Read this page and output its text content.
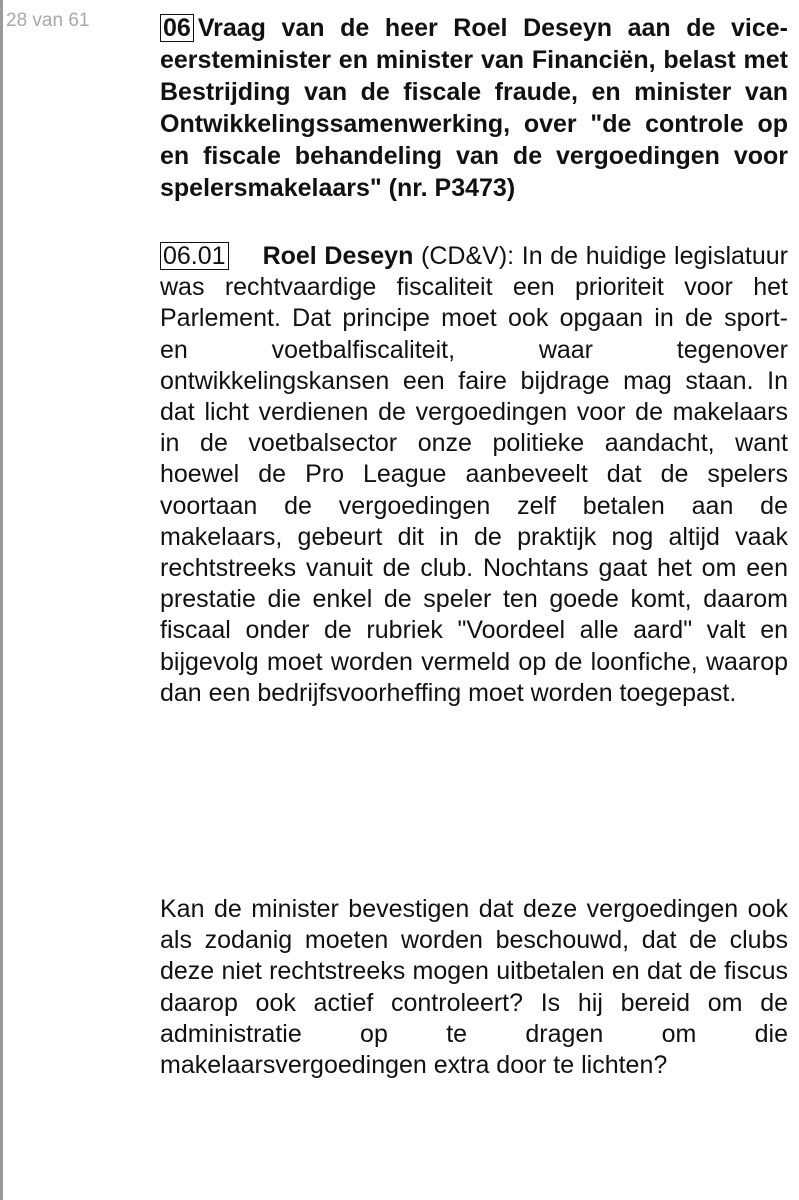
28 van 61	06 Vraag van de heer Roel Deseyn aan de vice-eersteminister en minister van Financiën, belast met Bestrijding van de fiscale fraude, en minister van Ontwikkelingssamenwerking, over "de controle op en fiscale behandeling van de vergoedingen voor spelersmakelaars" (nr. P3473)

06.01 Roel Deseyn (CD&V): In de huidige legislatuur was rechtvaardige fiscaliteit een prioriteit voor het Parlement. Dat principe moet ook opgaan in de sport- en voetbalfiscaliteit, waar tegenover ontwikkelingskansen een faire bijdrage mag staan. In dat licht verdienen de vergoedingen voor de makelaars in de voetbalsector onze politieke aandacht, want hoewel de Pro League aanbeveelt dat de spelers voortaan de vergoedingen zelf betalen aan de makelaars, gebeurt dit in de praktijk nog altijd vaak rechtstreeks vanuit de club. Nochtans gaat het om een prestatie die enkel de speler ten goede komt, daarom fiscaal onder de rubriek "Voordeel alle aard" valt en bijgevolg moet worden vermeld op de loonfiche, waarop dan een bedrijfsvoorheffing moet worden toegepast.

Kan de minister bevestigen dat deze vergoedingen ook als zodanig moeten worden beschouwd, dat de clubs deze niet rechtstreeks mogen uitbetalen en dat de fiscus daarop ook actief controleert? Is hij bereid om de administratie op te dragen om die makelaarsvergoedingen extra door te lichten?
